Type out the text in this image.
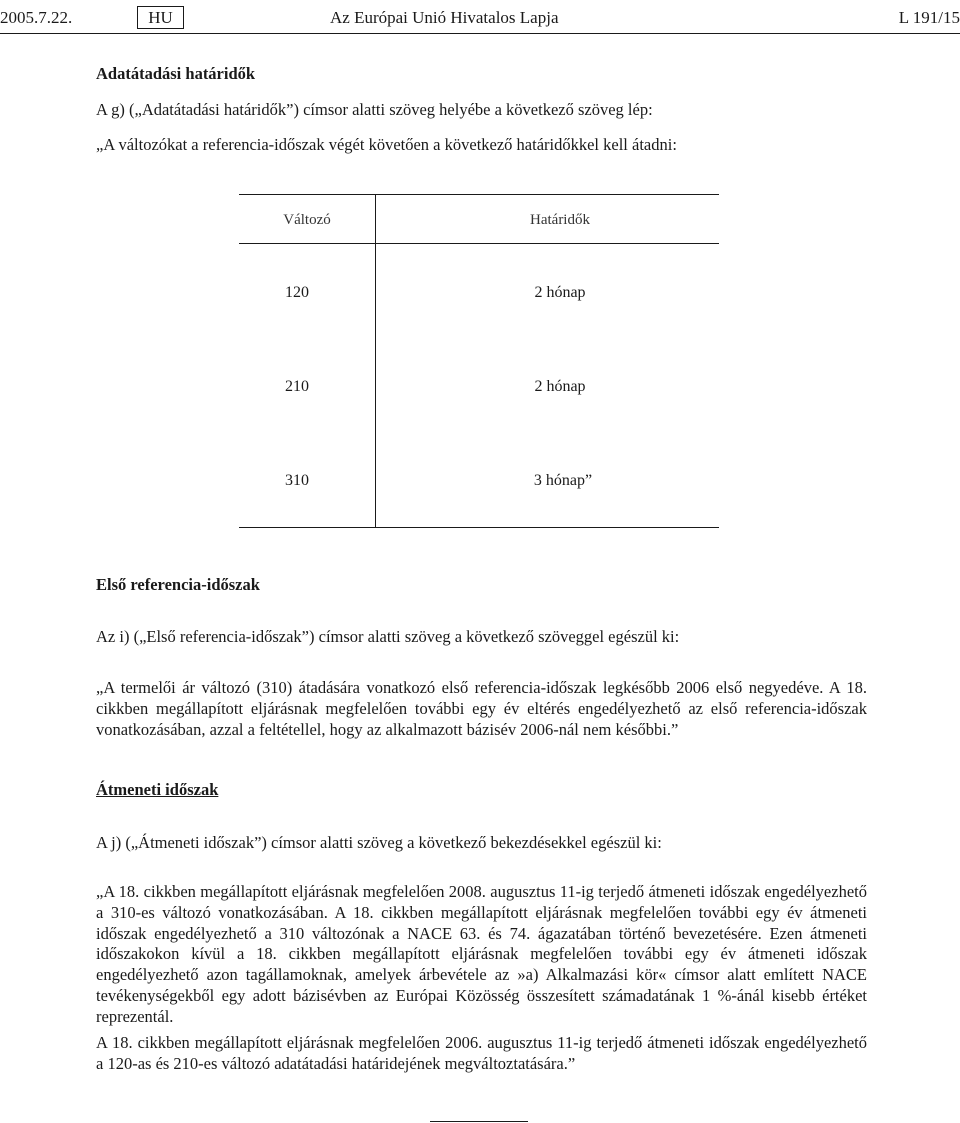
2005.7.22.	HU	Az Európai Unió Hivatalos Lapja	L 191/15
Adatátadási határidők
A g) („Adatátadási határidők”) címsor alatti szöveg helyébe a következő szöveg lép:
„A változókat a referencia-időszak végét követően a következő határidőkkel kell átadni:
Változó	Határidők
120	2 hónap
210	2 hónap
310	3 hónap”
Első referencia-időszak
Az i) („Első referencia-időszak”) címsor alatti szöveg a következő szöveggel egészül ki:
„A termelői ár változó (310) átadására vonatkozó első referencia-időszak legkésőbb 2006 első negyedéve. A 18. cikkben megállapított eljárásnak megfelelően további egy év eltérés engedélyezhető az első referencia-időszak vonatkozásában, azzal a feltétellel, hogy az alkalmazott bázisév 2006-nál nem későbbi.”
Átmeneti időszak
A j) („Átmeneti időszak”) címsor alatti szöveg a következő bekezdésekkel egészül ki:
„A 18. cikkben megállapított eljárásnak megfelelően 2008. augusztus 11-ig terjedő átmeneti időszak engedélyezhető a 310-es változó vonatkozásában. A 18. cikkben megállapított eljárásnak megfelelően további egy év átmeneti időszak engedélyezhető a 310 változónak a NACE 63. és 74. ágazatában történő bevezetésére. Ezen átmeneti időszakokon kívül a 18. cikkben megállapított eljárásnak megfelelően további egy év átmeneti időszak engedélyezhető azon tagállamoknak, amelyek árbevétele az »a) Alkalmazási kör« címsor alatt említett NACE tevékenységekből egy adott bázisévben az Európai Közösség összesített számadatának 1 %-ánál kisebb értéket reprezentál.
A 18. cikkben megállapított eljárásnak megfelelően 2006. augusztus 11-ig terjedő átmeneti időszak engedélyezhető a 120-as és 210-es változó adatátadási határidejének megváltoztatására.”
